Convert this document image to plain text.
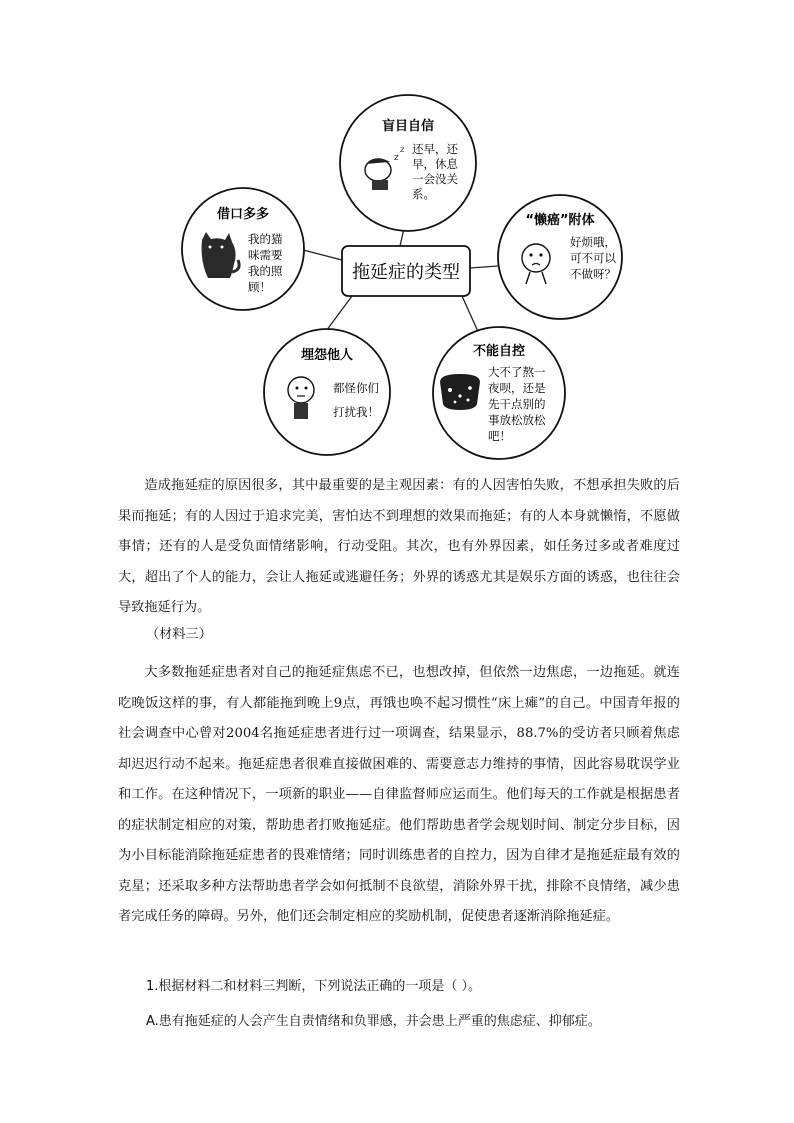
拖延症的类型
盲目自信
z
z 还早，还
早，休息
一会没关
系。
借口多多
我的猫
咪需要
我的照
顾！
“懒癌”附体
好烦哦，
可不可以
不做呀？
埋怨他人
都怪你们
打扰我！
不能自控
大不了熬一
夜呗，还是
先干点别的
事放松放松
吧！

造成拖延症的原因很多，其中最重要的是主观因素：有的人因害怕失败，不想承担失败的后果而拖延；有的人因过于追求完美，害怕达不到理想的效果而拖延；有的人本身就懒惰，不愿做事情；还有的人是受负面情绪影响，行动受阻。其次，也有外界因素，如任务过多或者难度过大，超出了个人的能力，会让人拖延或逃避任务；外界的诱惑尤其是娱乐方面的诱惑，也往往会导致拖延行为。

（材料三）

大多数拖延症患者对自己的拖延症焦虑不已，也想改掉，但依然一边焦虑，一边拖延。就连吃晚饭这样的事，有人都能拖到晚上9点，再饿也唤不起习惯性“床上瘫”的自己。中国青年报的社会调查中心曾对2004名拖延症患者进行过一项调查，结果显示，88.7%的受访者只顾着焦虑却迟迟行动不起来。拖延症患者很难直接做困难的、需要意志力维持的事情，因此容易耽误学业和工作。在这种情况下，一项新的职业——自律监督师应运而生。他们每天的工作就是根据患者的症状制定相应的对策，帮助患者打败拖延症。他们帮助患者学会规划时间、制定分步目标，因为小目标能消除拖延症患者的畏难情绪；同时训练患者的自控力，因为自律才是拖延症最有效的克星；还采取多种方法帮助患者学会如何抵制不良欲望，消除外界干扰，排除不良情绪，减少患者完成任务的障碍。另外，他们还会制定相应的奖励机制，促使患者逐渐消除拖延症。

1.根据材料二和材料三判断，下列说法正确的一项是（ ）。
A.患有拖延症的人会产生自责情绪和负罪感，并会患上严重的焦虑症、抑郁症。
